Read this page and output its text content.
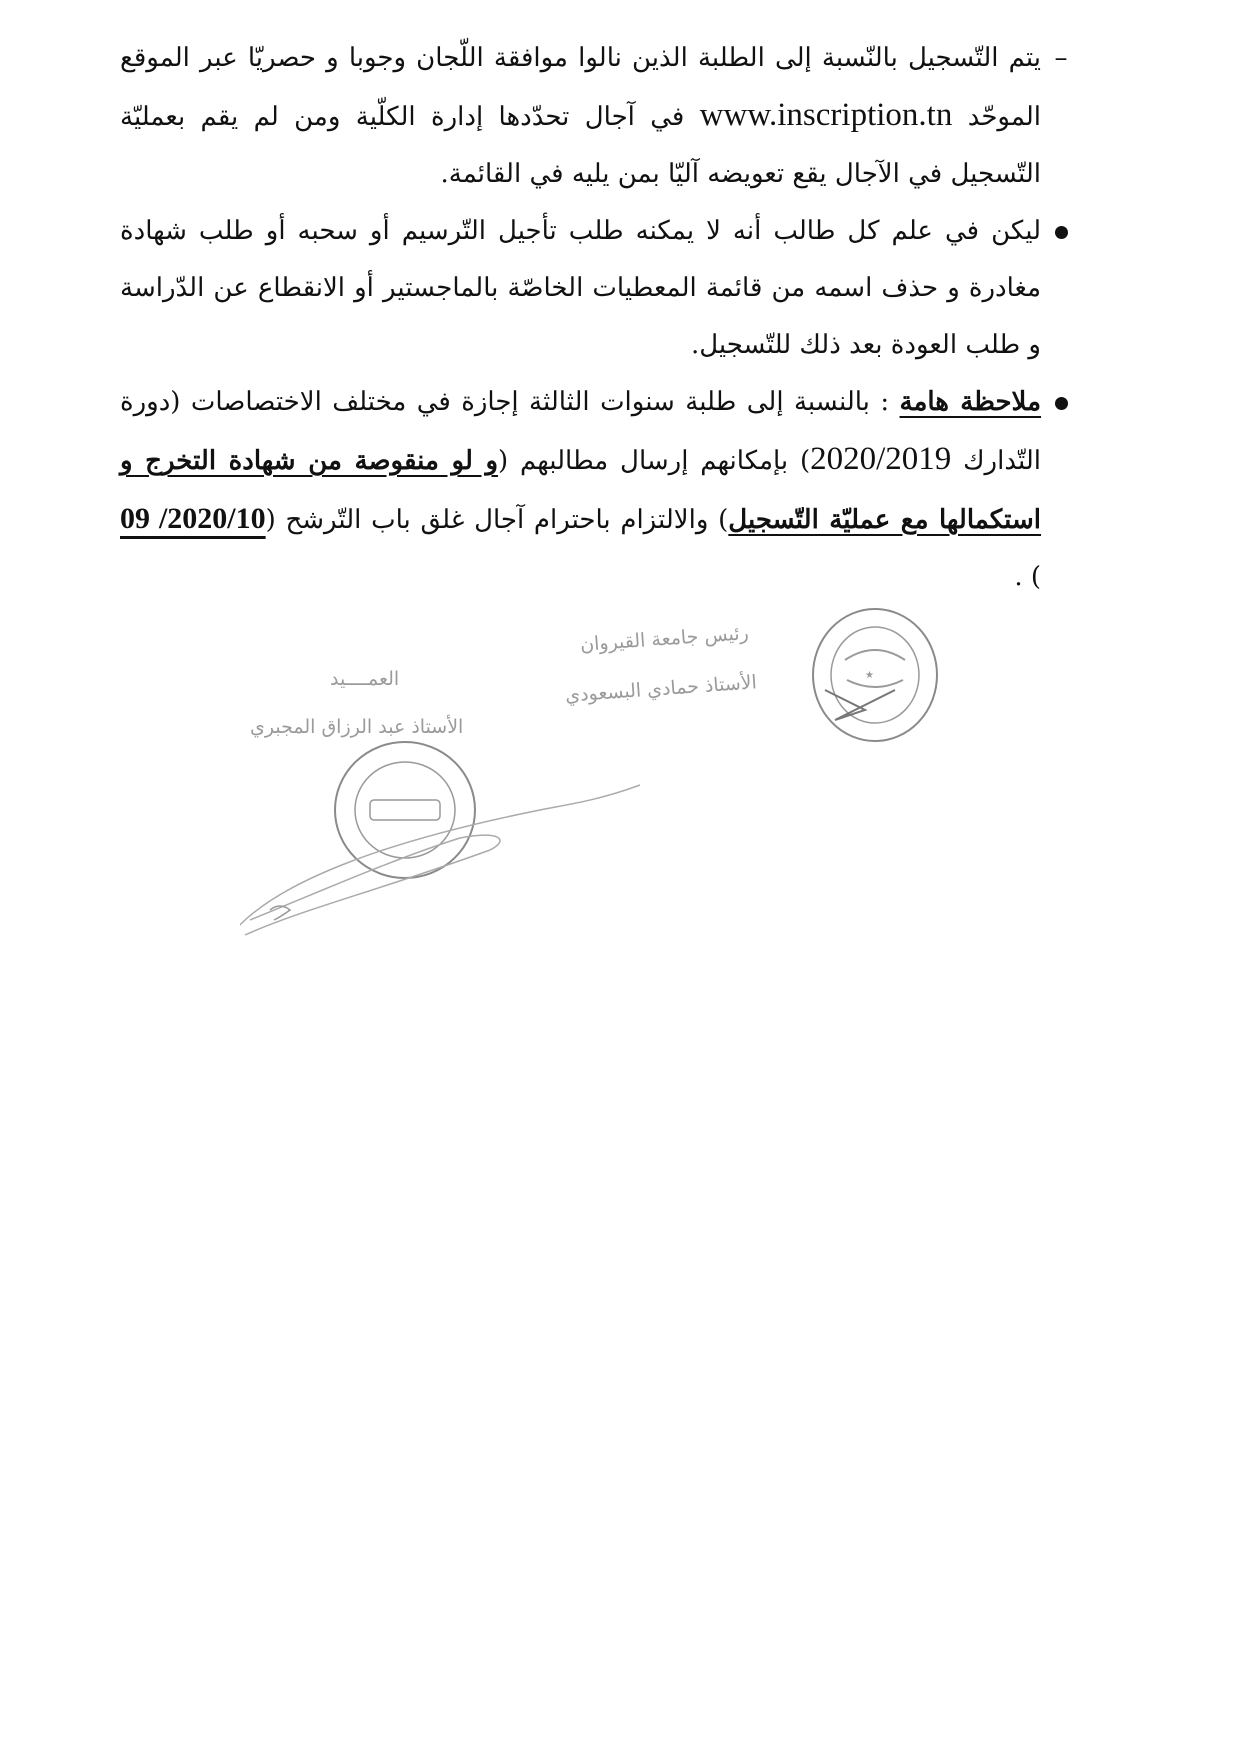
–
يتم التّسجيل بالنّسبة إلى الطلبة الذين نالوا موافقة اللّجان وجوبا و حصريّا عبر الموقع الموحّد www.inscription.tn في آجال تحدّدها إدارة الكلّية ومن لم يقم بعمليّة التّسجيل في الآجال يقع تعويضه آليّا بمن يليه في القائمة.

ليكن في علم كل طالب أنه لا يمكنه طلب تأجيل التّرسيم أو سحبه أو طلب شهادة مغادرة و حذف اسمه من قائمة المعطيات الخاصّة بالماجستير أو الانقطاع عن الدّراسة و طلب العودة بعد ذلك للتّسجيل.

ملاحظة هامة : بالنسبة إلى طلبة سنوات الثالثة إجازة في مختلف الاختصاصات (دورة التّدارك 2020/2019) بإمكانهم إرسال مطالبهم (و لو منقوصة من شهادة التخرج و استكمالها مع عمليّة التّسجيل) والالتزام باحترام آجال غلق باب التّرشح (09 /2020/10 ) .

العمــــيد
الأستاذ عبد الرزاق المجبري
رئيس جامعة القيروان
الأستاذ حمادي البسعودي	★
